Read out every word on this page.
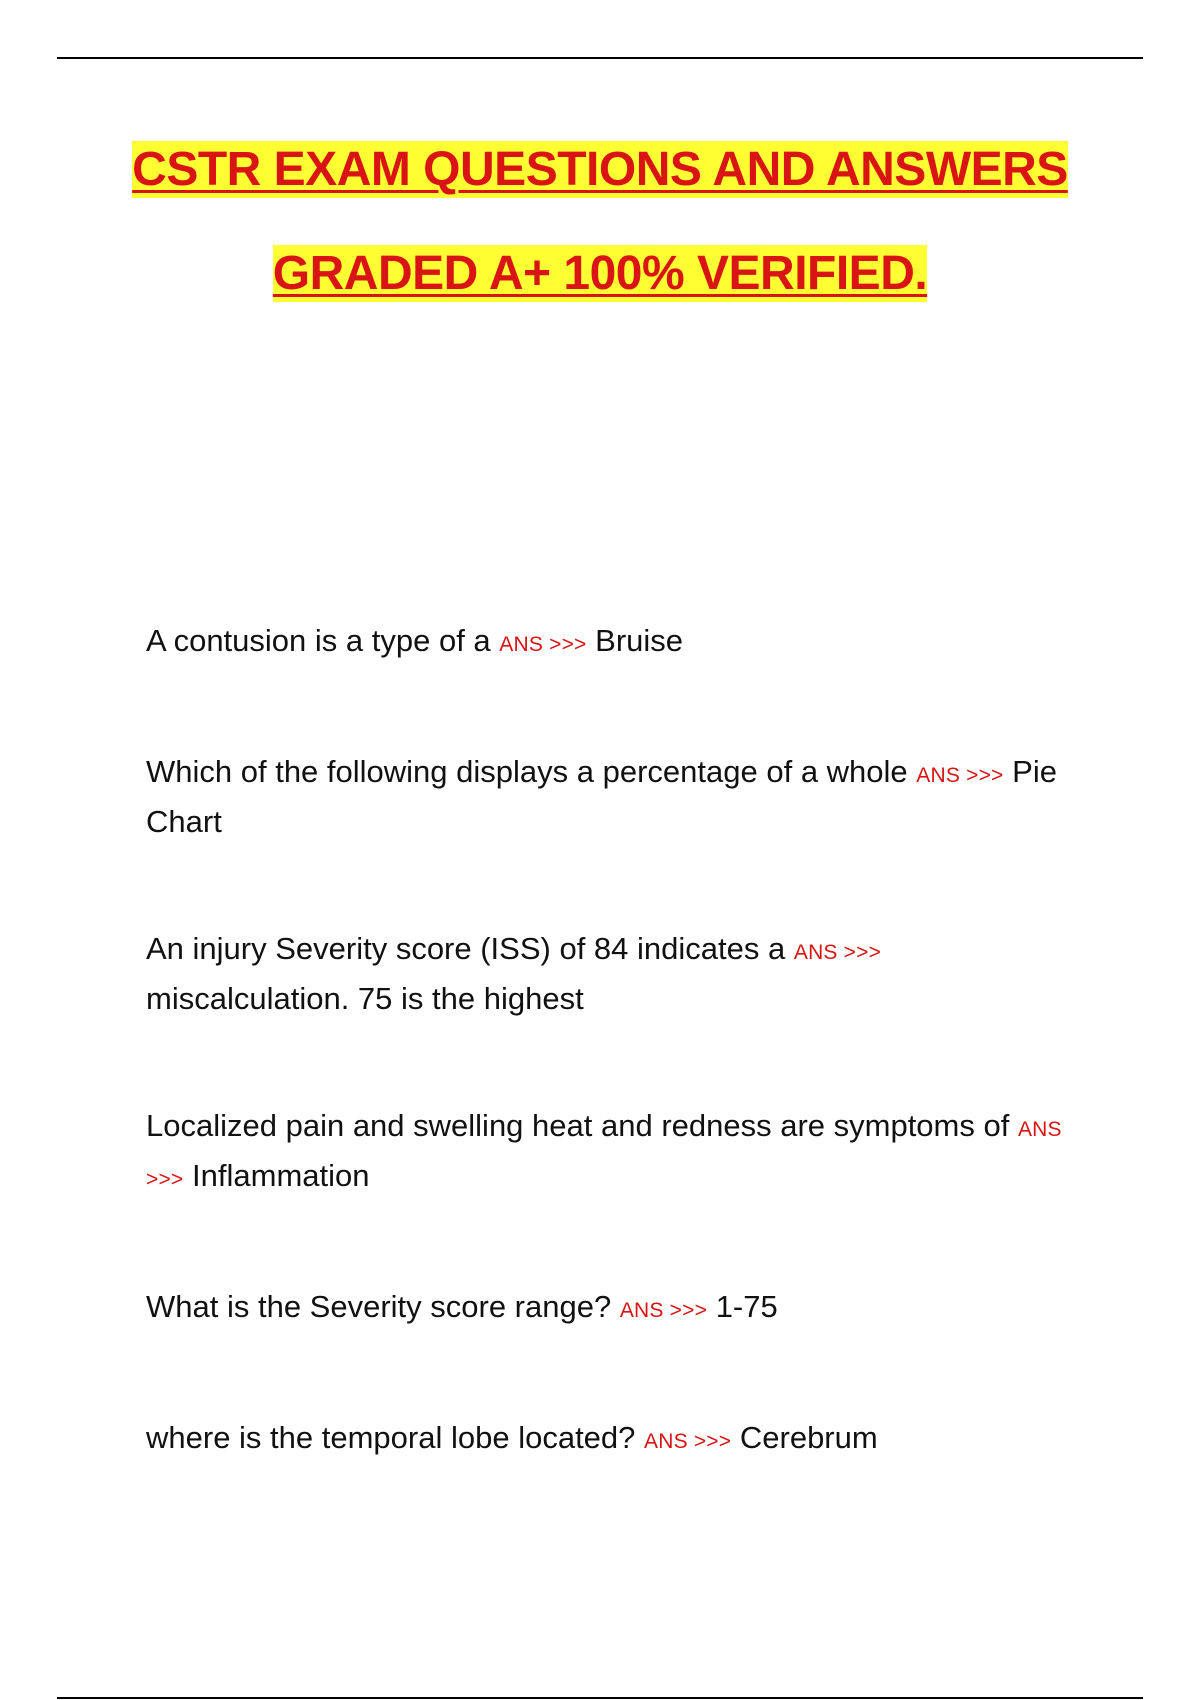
CSTR EXAM QUESTIONS AND ANSWERS

GRADED A+ 100% VERIFIED.

A contusion is a type of a ANS >>> Bruise

Which of the following displays a percentage of a whole ANS >>> Pie Chart

An injury Severity score (ISS) of 84 indicates a ANS >>> miscalculation. 75 is the highest

Localized pain and swelling heat and redness are symptoms of ANS >>> Inflammation

What is the Severity score range? ANS >>> 1-75

where is the temporal lobe located? ANS >>> Cerebrum
